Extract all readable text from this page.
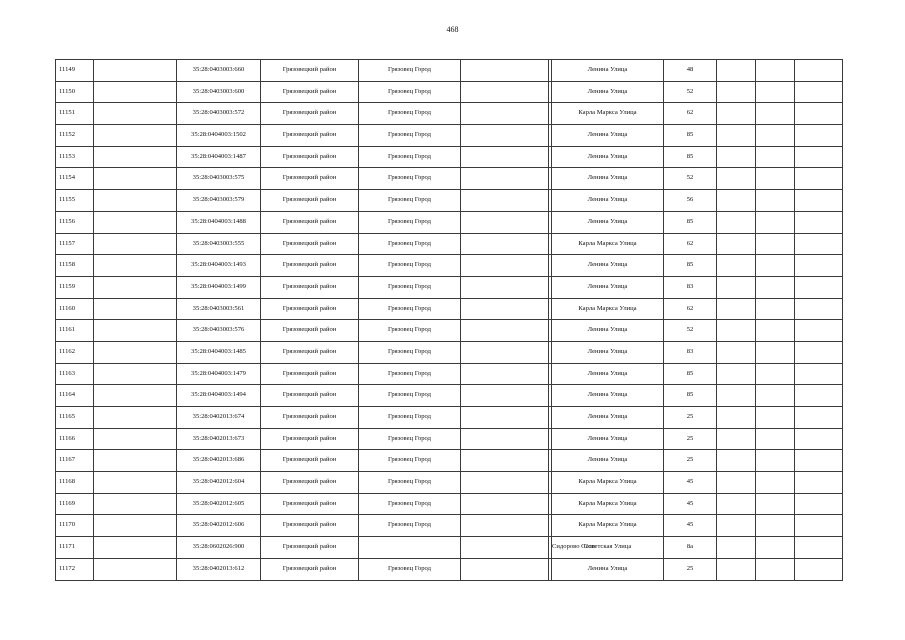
468
11149		35:28:0403003:660	Грязовецкий район	Грязовец Город			Ленина Улица	48			
11150		35:28:0403003:600	Грязовецкий район	Грязовец Город			Ленина Улица	52			
11151		35:28:0403003:572	Грязовецкий район	Грязовец Город			Карла Маркса Улица	62			
11152		35:28:0404003:1502	Грязовецкий район	Грязовец Город			Ленина Улица	85			
11153		35:28:0404003:1487	Грязовецкий район	Грязовец Город			Ленина Улица	85			
11154		35:28:0403003:575	Грязовецкий район	Грязовец Город			Ленина Улица	52			
11155		35:28:0403003:579	Грязовецкий район	Грязовец Город			Ленина Улица	56			
11156		35:28:0404003:1488	Грязовецкий район	Грязовец Город			Ленина Улица	85			
11157		35:28:0403003:555	Грязовецкий район	Грязовец Город			Карла Маркса Улица	62			
11158		35:28:0404003:1493	Грязовецкий район	Грязовец Город			Ленина Улица	85			
11159		35:28:0404003:1499	Грязовецкий район	Грязовец Город			Ленина Улица	83			
11160		35:28:0403003:561	Грязовецкий район	Грязовец Город			Карла Маркса Улица	62			
11161		35:28:0403003:576	Грязовецкий район	Грязовец Город			Ленина Улица	52			
11162		35:28:0404003:1485	Грязовецкий район	Грязовец Город			Ленина Улица	83			
11163		35:28:0404003:1479	Грязовецкий район	Грязовец Город			Ленина Улица	85			
11164		35:28:0404003:1494	Грязовецкий район	Грязовец Город			Ленина Улица	85			
11165		35:28:0402013:674	Грязовецкий район	Грязовец Город			Ленина Улица	25			
11166		35:28:0402013:673	Грязовецкий район	Грязовец Город			Ленина Улица	25			
11167		35:28:0402013:686	Грязовецкий район	Грязовец Город			Ленина Улица	25			
11168		35:28:0402012:604	Грязовецкий район	Грязовец Город			Карла Маркса Улица	45			
11169		35:28:0402012:605	Грязовецкий район	Грязовец Город			Карла Маркса Улица	45			
11170		35:28:0402012:606	Грязовецкий район	Грязовец Город			Карла Маркса Улица	45			
11171		35:28:0602026:900	Грязовецкий район			Сидорово Село	Советская Улица	8а			
11172		35:28:0402013:612	Грязовецкий район	Грязовец Город			Ленина Улица	25			
